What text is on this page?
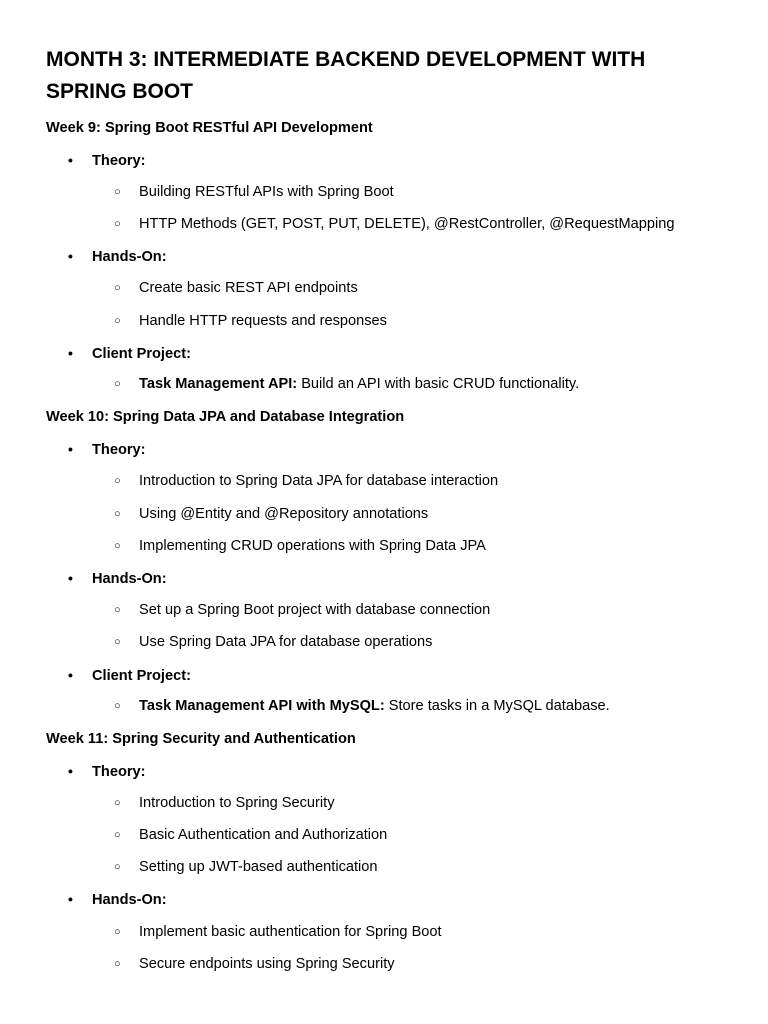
MONTH 3: INTERMEDIATE BACKEND DEVELOPMENT WITH SPRING BOOT
Week 9: Spring Boot RESTful API Development
• Theory:
○ Building RESTful APIs with Spring Boot
○ HTTP Methods (GET, POST, PUT, DELETE), @RestController, @RequestMapping
• Hands-On:
○ Create basic REST API endpoints
○ Handle HTTP requests and responses
• Client Project:
○ Task Management API: Build an API with basic CRUD functionality.
Week 10: Spring Data JPA and Database Integration
• Theory:
○ Introduction to Spring Data JPA for database interaction
○ Using @Entity and @Repository annotations
○ Implementing CRUD operations with Spring Data JPA
• Hands-On:
○ Set up a Spring Boot project with database connection
○ Use Spring Data JPA for database operations
• Client Project:
○ Task Management API with MySQL: Store tasks in a MySQL database.
Week 11: Spring Security and Authentication
• Theory:
○ Introduction to Spring Security
○ Basic Authentication and Authorization
○ Setting up JWT-based authentication
• Hands-On:
○ Implement basic authentication for Spring Boot
○ Secure endpoints using Spring Security
